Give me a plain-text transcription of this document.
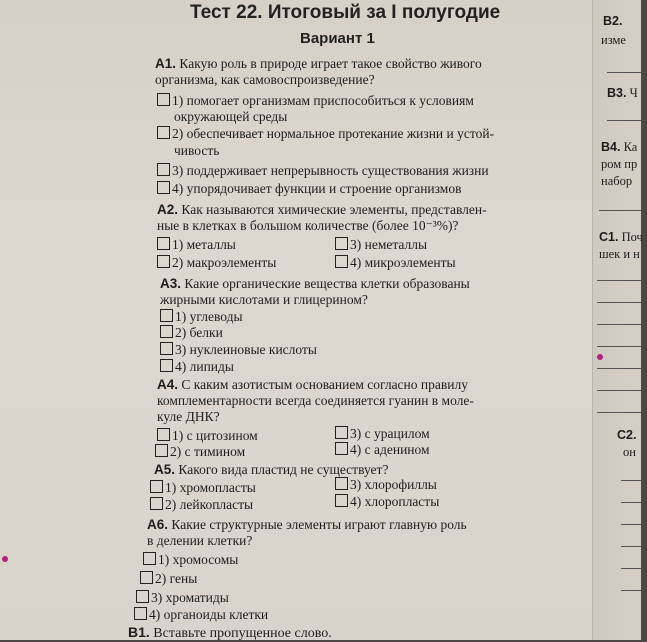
Тест 22. Итоговый за I полугодие
Вариант 1
А1. Какую роль в природе играет такое свойство живого
организма, как самовоспроизведение?
1) помогает организмам приспособиться к условиям
окружающей среды
2) обеспечивает нормальное протекание жизни и устой-
чивость
3) поддерживает непрерывность существования жизни
4) упорядочивает функции и строение организмов
А2. Как называются химические элементы, представлен-
ные в клетках в большом количестве (более 10⁻³%)?
1) металлы	3) неметаллы
2) макроэлементы	4) микроэлементы
А3. Какие органические вещества клетки образованы
жирными кислотами и глицерином?
1) углеводы
2) белки
3) нуклеиновые кислоты
4) липиды
А4. С каким азотистым основанием согласно правилу
комплементарности всегда соединяется гуанин в моле-
куле ДНК?
1) с цитозином	3) с урацилом
2) с тимином	4) с аденином
А5. Какого вида пластид не существует?
1) хромопласты	3) хлорофиллы
2) лейкопласты	4) хлоропласты
А6. Какие структурные элементы играют главную роль
в делении клетки?
1) хромосомы
2) гены
3) хроматиды
4) органоиды клетки
В1. Вставьте пропущенное слово.
В2.
изме
В3. Ч
В4. Ка
ром пр
набор
С1. Поч
шек и н
С2.
он
